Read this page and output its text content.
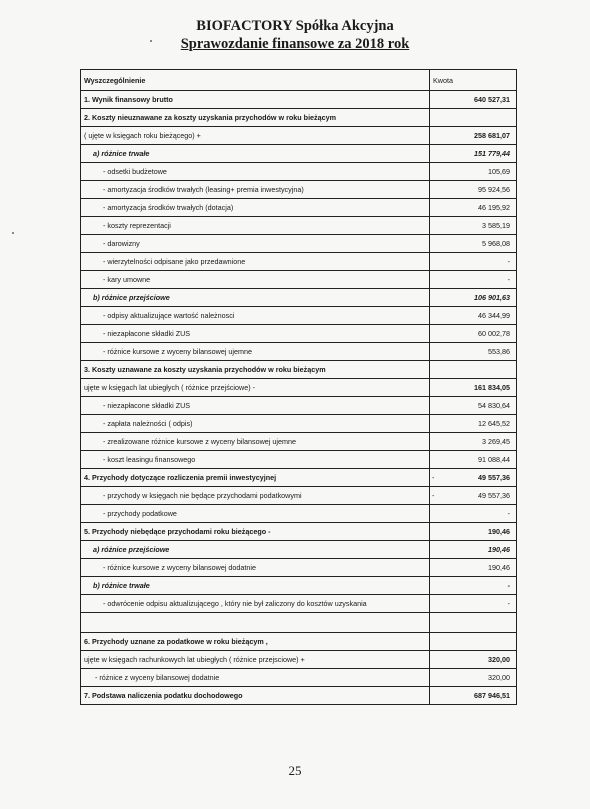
BIOFACTORY Spółka Akcyjna
Sprawozdanie finansowe za 2018 rok
Wyszczególnienie	Kwota
1. Wynik finansowy brutto	640 527,31
2. Koszty nieuznawane za koszty uzyskania przychodów w roku bieżącym	
( ujęte w księgach roku bieżącego) +	258 681,07
a) różnice trwałe	151 779,44
- odsetki budżetowe	105,69
- amortyzacja środków trwałych (leasing+ premia inwestycyjna)	95 924,56
- amortyzacja środków trwałych (dotacja)	46 195,92
- koszty reprezentacji	3 585,19
- darowizny	5 968,08
- wierzytelności odpisane jako przedawnione	-
- kary umowne	-
b) różnice przejściowe	106 901,63
- odpisy aktualizujące wartość należnosci	46 344,99
- niezapłacone składki ZUS	60 002,78
- różnice kursowe z wyceny bilansowej ujemne	553,86
3. Koszty uznawane za koszty uzyskania przychodów w roku bieżącym	
ujęte w księgach lat ubiegłych ( różnice przejściowe) -	161 834,05
- niezapłacone składki ZUS	54 830,64
- zapłata należności ( odpis)	12 645,52
- zrealizowane różnice kursowe z wyceny bilansowej ujemne	3 269,45
- koszt leasingu finansowego	91 088,44
4. Przychody dotyczące rozliczenia premii inwestycyjnej	- 49 557,36
- przychody w księgach nie będące przychodami podatkowymi	- 49 557,36
- przychody podatkowe	-
5. Przychody niebędące przychodami roku bieżącego -	190,46
a) różnice przejściowe	190,46
- różnice kursowe z wyceny bilansowej dodatnie	190,46
b) różnice trwałe	-
- odwrócenie odpisu aktualizującego , który nie był zaliczony do kosztów uzyskania	-

6. Przychody uznane za podatkowe w roku bieżącym ,	
ujęte w księgach rachunkowych lat ubiegłych ( różnice przejsciowe) +	320,00
- różnice z wyceny bilansowej dodatnie	320,00
7. Podstawa naliczenia podatku dochodowego	687 946,51
25
